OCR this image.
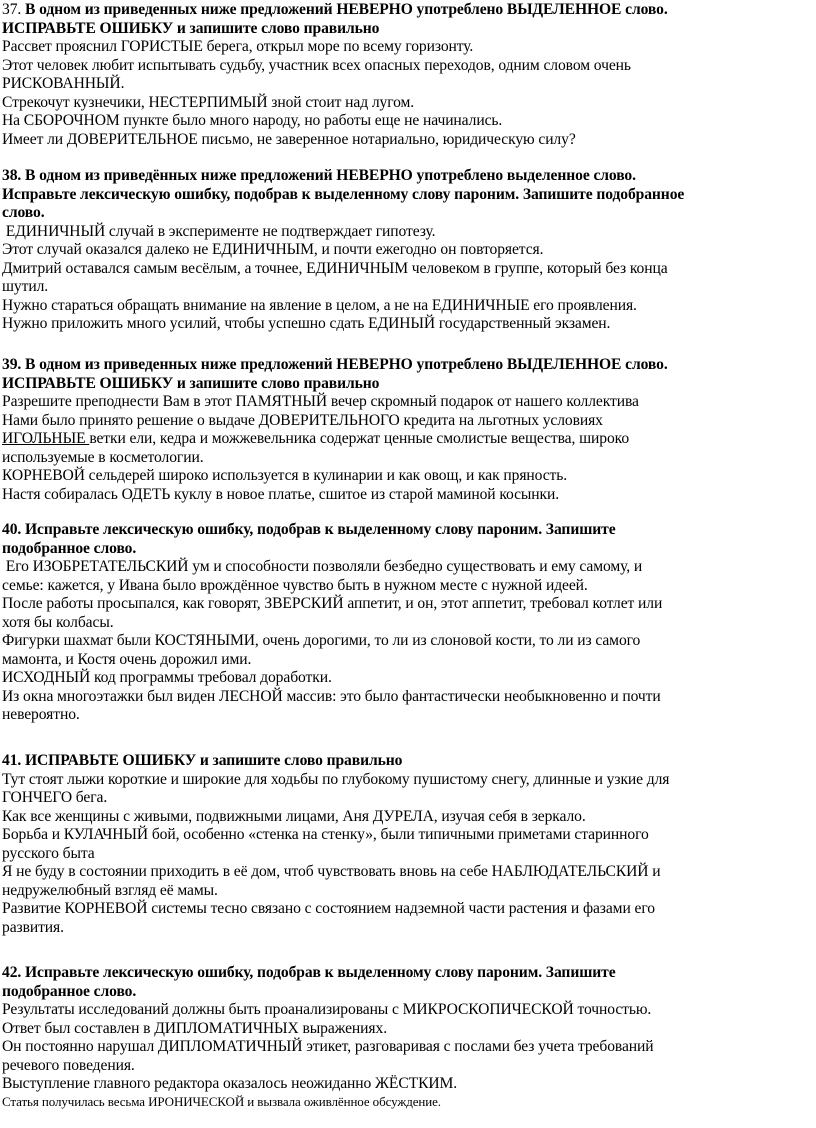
37. В одном из приведенных ниже предложений НЕВЕРНО употреблено ВЫДЕЛЕННОЕ слово.
ИСПРАВЬТЕ ОШИБКУ и запишите слово правильно
Рассвет прояснил ГОРИСТЫЕ берега, открыл море по всему горизонту.
Этот человек любит испытывать судьбу, участник всех опасных переходов, одним словом очень
РИСКОВАННЫЙ.
Стрекочут кузнечики, НЕСТЕРПИМЫЙ зной стоит над лугом.
На СБОРОЧНОМ пункте было много народу, но работы еще не начинались.
Имеет ли ДОВЕРИТЕЛЬНОЕ письмо, не заверенное нотариально, юридическую силу?
38. В одном из приведённых ниже предложений НЕВЕРНО употреблено выделенное слово.
Исправьте лексическую ошибку, подобрав к выделенному слову пароним. Запишите подобранное
слово.
ЕДИНИЧНЫЙ случай в эксперименте не подтверждает гипотезу.
Этот случай оказался далеко не ЕДИНИЧНЫМ, и почти ежегодно он повторяется.
Дмитрий оставался самым весёлым, а точнее, ЕДИНИЧНЫМ человеком в группе, который без конца
шутил.
Нужно стараться обращать внимание на явление в целом, а не на ЕДИНИЧНЫЕ его проявления.
Нужно приложить много усилий, чтобы успешно сдать ЕДИНЫЙ государственный экзамен.
39. В одном из приведенных ниже предложений НЕВЕРНО употреблено ВЫДЕЛЕННОЕ слово.
ИСПРАВЬТЕ ОШИБКУ и запишите слово правильно
Разрешите преподнести Вам в этот ПАМЯТНЫЙ вечер скромный подарок от нашего коллектива
Нами было принято решение о выдаче ДОВЕРИТЕЛЬНОГО кредита на льготных условиях
ИГОЛЬНЫЕ ветки ели, кедра и можжевельника содержат ценные смолистые вещества, широко
используемые в косметологии.
КОРНЕВОЙ сельдерей широко используется в кулинарии и как овощ, и как пряность.
Настя собиралась ОДЕТЬ куклу в новое платье, сшитое из старой маминой косынки.
40. Исправьте лексическую ошибку, подобрав к выделенному слову пароним. Запишите
подобранное слово.
Его ИЗОБРЕТАТЕЛЬСКИЙ ум и способности позволяли безбедно существовать и ему самому, и
семье: кажется, у Ивана было врождённое чувство быть в нужном месте с нужной идеей.
После работы просыпался, как говорят, ЗВЕРСКИЙ аппетит, и он, этот аппетит, требовал котлет или
хотя бы колбасы.
Фигурки шахмат были КОСТЯНЫМИ, очень дорогими, то ли из слоновой кости, то ли из самого
мамонта, и Костя очень дорожил ими.
ИСХОДНЫЙ код программы требовал доработки.
Из окна многоэтажки был виден ЛЕСНОЙ массив: это было фантастически необыкновенно и почти
невероятно.
41. ИСПРАВЬТЕ ОШИБКУ и запишите слово правильно
Тут стоят лыжи короткие и широкие для ходьбы по глубокому пушистому снегу, длинные и узкие для
ГОНЧЕГО бега.
Как все женщины с живыми, подвижными лицами, Аня ДУРЕЛА, изучая себя в зеркало.
Борьба и КУЛАЧНЫЙ бой, особенно «стенка на стенку», были типичными приметами старинного
русского быта
Я не буду в состоянии приходить в её дом, чтоб чувствовать вновь на себе НАБЛЮДАТЕЛЬСКИЙ и
недружелюбный взгляд её мамы.
Развитие КОРНЕВОЙ системы тесно связано с состоянием надземной части растения и фазами его
развития.
42. Исправьте лексическую ошибку, подобрав к выделенному слову пароним. Запишите
подобранное слово.
Результаты исследований должны быть проанализированы с МИКРОСКОПИЧЕСКОЙ точностью.
Ответ был составлен в ДИПЛОМАТИЧНЫХ выражениях.
Он постоянно нарушал ДИПЛОМАТИЧНЫЙ этикет, разговаривая с послами без учета требований
речевого поведения.
Выступление главного редактора оказалось неожиданно ЖЁСТКИМ.
Статья получилась весьма ИРОНИЧЕСКОЙ и вызвала оживлённое обсуждение.
